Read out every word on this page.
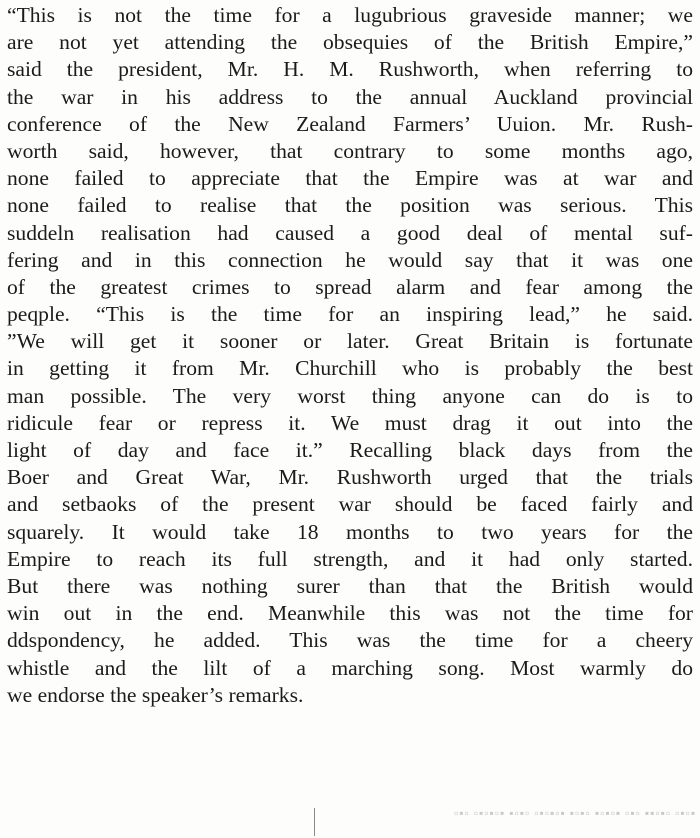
“This is not the time for a lugubrious graveside manner; we
are not yet attending the obsequies of the British Empire,”
said the president, Mr. H. M. Rushworth, when referring to
the war in his address to the annual Auckland provincial
conference of the New Zealand Farmers’ Uuion. Mr. Rush-
worth said, however, that contrary to some months ago,
none failed to appreciate that the Empire was at war and
none failed to realise that the position was serious. This
suddeln realisation had caused a good deal of mental suf-
fering and in this connection he would say that it was one
of the greatest crimes to spread alarm and fear among the
peqple. “This is the time for an inspiring lead,” he said.
”We will get it sooner or later. Great Britain is fortunate
in getting it from Mr. Churchill who is probably the best
man possible. The very worst thing anyone can do is to
ridicule fear or repress it. We must drag it out into the
light of day and face it.” Recalling black days from the
Boer and Great War, Mr. Rushworth urged that the trials
and setbaoks of the present war should be faced fairly and
squarely. It would take 18 months to two years for the
Empire to reach its full strength, and it had only started.
But there was nothing surer than that the British would
win out in the end. Meanwhile this was not the time for
ddspondency, he added. This was the time for a cheery
whistle and the lilt of a marching song. Most warmly do
we endorse the speaker’s remarks.
▪▫▪▫ ▫▪▫▪▪ ▫▪▫ ▪▫▪▫▪ ▫▪▫▪ ▪▫▪▫▪▫ ▫▪▫▪ ▪▫▪▫▪▫ ▫▪▫
